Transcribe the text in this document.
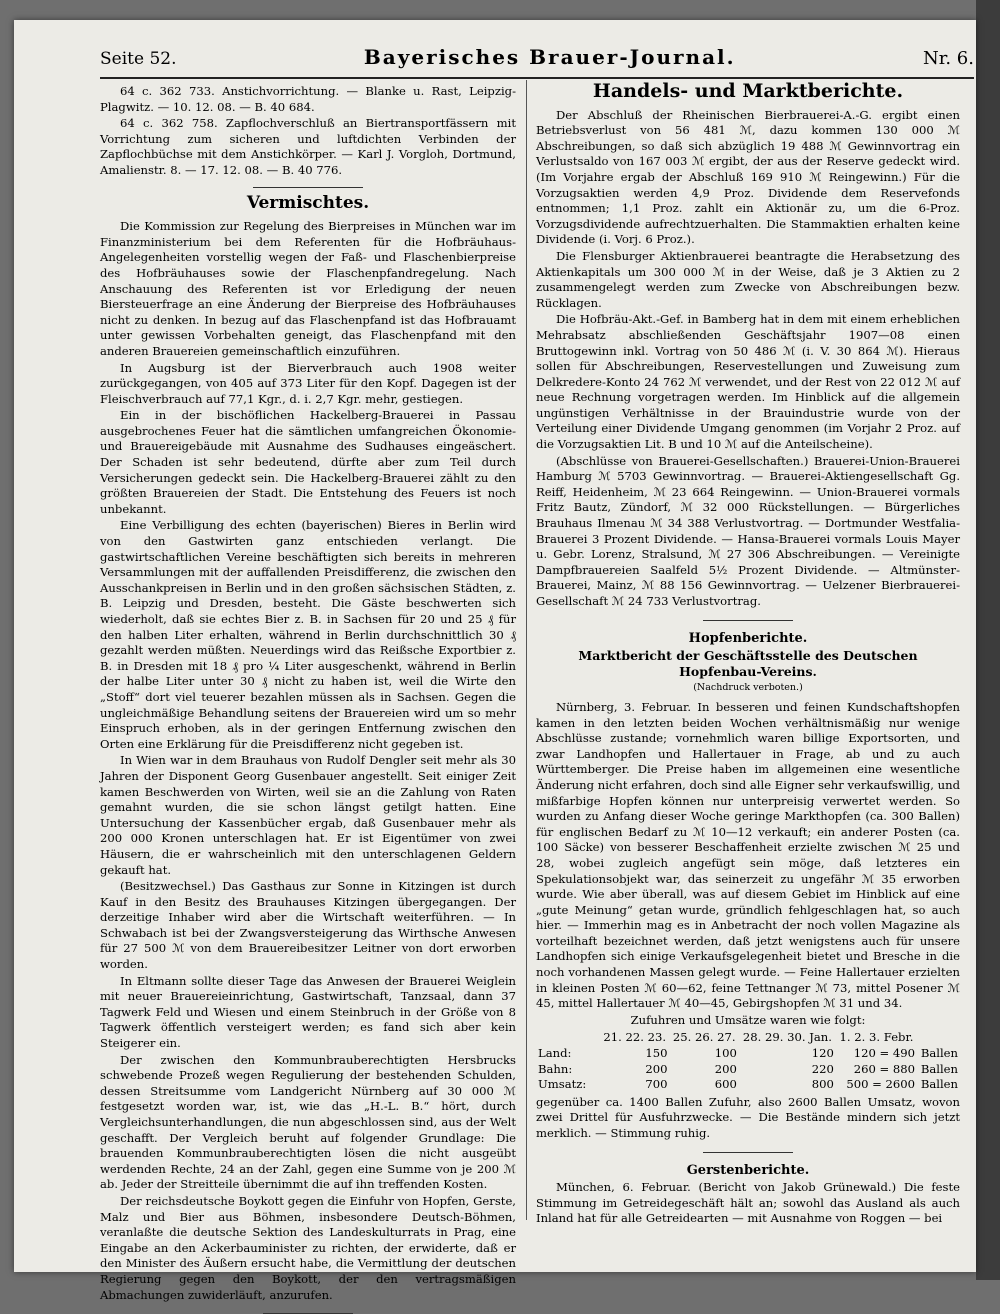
Seite 52.	Bayerisches Brauer-Journal.	Nr. 6.

64 c. 362 733. Anstichvorrichtung. — Blanke u. Rast, Leipzig-Plagwitz. — 10. 12. 08. — B. 40 684.

64 c. 362 758. Zapflochverschluß an Biertransportfässern mit Vorrichtung zum sicheren und luftdichten Verbinden der Zapflochbüchse mit dem Anstichkörper. — Karl J. Vorgloh, Dortmund, Amalienstr. 8. — 17. 12. 08. — B. 40 776.

Vermischtes.

Die Kommission zur Regelung des Bierpreises in München war im Finanzministerium bei dem Referenten für die Hofbräuhaus-Angelegenheiten vorstellig wegen der Faß- und Flaschenbierpreise des Hofbräuhauses sowie der Flaschenpfandregelung. Nach Anschauung des Referenten ist vor Erledigung der neuen Biersteuerfrage an eine Änderung der Bierpreise des Hofbräuhauses nicht zu denken. In bezug auf das Flaschenpfand ist das Hofbrauamt unter gewissen Vorbehalten geneigt, das Flaschenpfand mit den anderen Brauereien gemeinschaftlich einzuführen.

In Augsburg ist der Bierverbrauch auch 1908 weiter zurückgegangen, von 405 auf 373 Liter für den Kopf. Dagegen ist der Fleischverbrauch auf 77,1 Kgr., d. i. 2,7 Kgr. mehr, gestiegen.

Ein in der bischöflichen Hackelberg-Brauerei in Passau ausgebrochenes Feuer hat die sämtlichen umfangreichen Ökonomie- und Brauereigebäude mit Ausnahme des Sudhauses eingeäschert. Der Schaden ist sehr bedeutend, dürfte aber zum Teil durch Versicherungen gedeckt sein. Die Hackelberg-Brauerei zählt zu den größten Brauereien der Stadt. Die Entstehung des Feuers ist noch unbekannt.

Eine Verbilligung des echten (bayerischen) Bieres in Berlin wird von den Gastwirten ganz entschieden verlangt. Die gastwirtschaftlichen Vereine beschäftigten sich bereits in mehreren Versammlungen mit der auffallenden Preisdifferenz, die zwischen den Ausschankpreisen in Berlin und in den großen sächsischen Städten, z. B. Leipzig und Dresden, besteht. Die Gäste beschwerten sich wiederholt, daß sie echtes Bier z. B. in Sachsen für 20 und 25 ₰ für den halben Liter erhalten, während in Berlin durchschnittlich 30 ₰ gezahlt werden müßten. Neuerdings wird das Reißsche Exportbier z. B. in Dresden mit 18 ₰ pro ¼ Liter ausgeschenkt, während in Berlin der halbe Liter unter 30 ₰ nicht zu haben ist, weil die Wirte den „Stoff“ dort viel teuerer bezahlen müssen als in Sachsen. Gegen die ungleichmäßige Behandlung seitens der Brauereien wird um so mehr Einspruch erhoben, als in der geringen Entfernung zwischen den Orten eine Erklärung für die Preisdifferenz nicht gegeben ist.

In Wien war in dem Brauhaus von Rudolf Dengler seit mehr als 30 Jahren der Disponent Georg Gusenbauer angestellt. Seit einiger Zeit kamen Beschwerden von Wirten, weil sie an die Zahlung von Raten gemahnt wurden, die sie schon längst getilgt hatten. Eine Untersuchung der Kassenbücher ergab, daß Gusenbauer mehr als 200 000 Kronen unterschlagen hat. Er ist Eigentümer von zwei Häusern, die er wahrscheinlich mit den unterschlagenen Geldern gekauft hat.

(Besitzwechsel.) Das Gasthaus zur Sonne in Kitzingen ist durch Kauf in den Besitz des Brauhauses Kitzingen übergegangen. Der derzeitige Inhaber wird aber die Wirtschaft weiterführen. — In Schwabach ist bei der Zwangsversteigerung das Wirthsche Anwesen für 27 500 ℳ von dem Brauereibesitzer Leitner von dort erworben worden.

In Eltmann sollte dieser Tage das Anwesen der Brauerei Weiglein mit neuer Brauereieinrichtung, Gastwirtschaft, Tanzsaal, dann 37 Tagwerk Feld und Wiesen und einem Steinbruch in der Größe von 8 Tagwerk öffentlich versteigert werden; es fand sich aber kein Steigerer ein.

Der zwischen den Kommunbrauberechtigten Hersbrucks schwebende Prozeß wegen Regulierung der bestehenden Schulden, dessen Streitsumme vom Landgericht Nürnberg auf 30 000 ℳ festgesetzt worden war, ist, wie das „H.-L. B.“ hört, durch Vergleichsunterhandlungen, die nun abgeschlossen sind, aus der Welt geschafft. Der Vergleich beruht auf folgender Grundlage: Die brauenden Kommunbrauberechtigten lösen die nicht ausgeübt werdenden Rechte, 24 an der Zahl, gegen eine Summe von je 200 ℳ ab. Jeder der Streitteile übernimmt die auf ihn treffenden Kosten.

Der reichsdeutsche Boykott gegen die Einfuhr von Hopfen, Gerste, Malz und Bier aus Böhmen, insbesondere Deutsch-Böhmen, veranlaßte die deutsche Sektion des Landeskulturrats in Prag, eine Eingabe an den Ackerbauminister zu richten, der erwiderte, daß er den Minister des Äußern ersucht habe, die Vermittlung der deutschen Regierung gegen den Boykott, der den vertragsmäßigen Abmachungen zuwiderläuft, anzurufen.

Handels- und Marktberichte.

Der Abschluß der Rheinischen Bierbrauerei-A.-G. ergibt einen Betriebsverlust von 56 481 ℳ, dazu kommen 130 000 ℳ Abschreibungen, so daß sich abzüglich 19 488 ℳ Gewinnvortrag ein Verlustsaldo von 167 003 ℳ ergibt, der aus der Reserve gedeckt wird. (Im Vorjahre ergab der Abschluß 169 910 ℳ Reingewinn.) Für die Vorzugsaktien werden 4,9 Proz. Dividende dem Reservefonds entnommen; 1,1 Proz. zahlt ein Aktionär zu, um die 6-Proz. Vorzugsdividende aufrechtzuerhalten. Die Stammaktien erhalten keine Dividende (i. Vorj. 6 Proz.).

Die Flensburger Aktienbrauerei beantragte die Herabsetzung des Aktienkapitals um 300 000 ℳ in der Weise, daß je 3 Aktien zu 2 zusammengelegt werden zum Zwecke von Abschreibungen bezw. Rücklagen.

Die Hofbräu-Akt.-Gef. in Bamberg hat in dem mit einem erheblichen Mehrabsatz abschließenden Geschäftsjahr 1907—08 einen Bruttogewinn inkl. Vortrag von 50 486 ℳ (i. V. 30 864 ℳ). Hieraus sollen für Abschreibungen, Reservestellungen und Zuweisung zum Delkredere-Konto 24 762 ℳ verwendet, und der Rest von 22 012 ℳ auf neue Rechnung vorgetragen werden. Im Hinblick auf die allgemein ungünstigen Verhältnisse in der Brauindustrie wurde von der Verteilung einer Dividende Umgang genommen (im Vorjahr 2 Proz. auf die Vorzugsaktien Lit. B und 10 ℳ auf die Anteilscheine).

(Abschlüsse von Brauerei-Gesellschaften.) Brauerei-Union-Brauerei Hamburg ℳ 5703 Gewinnvortrag. — Brauerei-Aktiengesellschaft Gg. Reiff, Heidenheim, ℳ 23 664 Reingewinn. — Union-Brauerei vormals Fritz Bautz, Zündorf, ℳ 32 000 Rückstellungen. — Bürgerliches Brauhaus Ilmenau ℳ 34 388 Verlustvortrag. — Dortmunder Westfalia-Brauerei 3 Prozent Dividende. — Hansa-Brauerei vormals Louis Mayer u. Gebr. Lorenz, Stralsund, ℳ 27 306 Abschreibungen. — Vereinigte Dampfbrauereien Saalfeld 5½ Prozent Dividende. — Altmünster-Brauerei, Mainz, ℳ 88 156 Gewinnvortrag. — Uelzener Bierbrauerei-Gesellschaft ℳ 24 733 Verlustvortrag.

Hopfenberichte.
Marktbericht der Geschäftsstelle des Deutschen Hopfenbau-Vereins.
(Nachdruck verboten.)

Nürnberg, 3. Februar. In besseren und feinen Kundschaftshopfen kamen in den letzten beiden Wochen verhältnismäßig nur wenige Abschlüsse zustande; vornehmlich waren billige Exportsorten, und zwar Landhopfen und Hallertauer in Frage, ab und zu auch Württemberger. Die Preise haben im allgemeinen eine wesentliche Änderung nicht erfahren, doch sind alle Eigner sehr verkaufswillig, und mißfarbige Hopfen können nur unterpreisig verwertet werden. So wurden zu Anfang dieser Woche geringe Markthopfen (ca. 300 Ballen) für englischen Bedarf zu ℳ 10—12 verkauft; ein anderer Posten (ca. 100 Säcke) von besserer Beschaffenheit erzielte zwischen ℳ 25 und 28, wobei zugleich angefügt sein möge, daß letzteres ein Spekulationsobjekt war, das seinerzeit zu ungefähr ℳ 35 erworben wurde. Wie aber überall, was auf diesem Gebiet im Hinblick auf eine „gute Meinung“ getan wurde, gründlich fehlgeschlagen hat, so auch hier. — Immerhin mag es in Anbetracht der noch vollen Magazine als vorteilhaft bezeichnet werden, daß jetzt wenigstens auch für unsere Landhopfen sich einige Verkaufsgelegenheit bietet und Bresche in die noch vorhandenen Massen gelegt wurde. — Feine Hallertauer erzielten in kleinen Posten ℳ 60—62, feine Tettnanger ℳ 73, mittel Posener ℳ 45, mittel Hallertauer ℳ 40—45, Gebirgshopfen ℳ 31 und 34.

Zufuhren und Umsätze waren wie folgt:

	21. 22. 23.	25. 26. 27.	28. 29. 30. Jan.	1. 2. 3. Febr.	
Land:	150	100	120	120 = 490	Ballen
Bahn:	200	200	220	260 = 880	Ballen
Umsatz:	700	600	800	500 = 2600	Ballen

gegenüber ca. 1400 Ballen Zufuhr, also 2600 Ballen Umsatz, wovon zwei Drittel für Ausfuhrzwecke. — Die Bestände mindern sich jetzt merklich. — Stimmung ruhig.

Gerstenberichte.

München, 6. Februar. (Bericht von Jakob Grünewald.) Die feste Stimmung im Getreidegeschäft hält an; sowohl das Ausland als auch Inland hat für alle Getreidearten — mit Ausnahme von Roggen — bei
